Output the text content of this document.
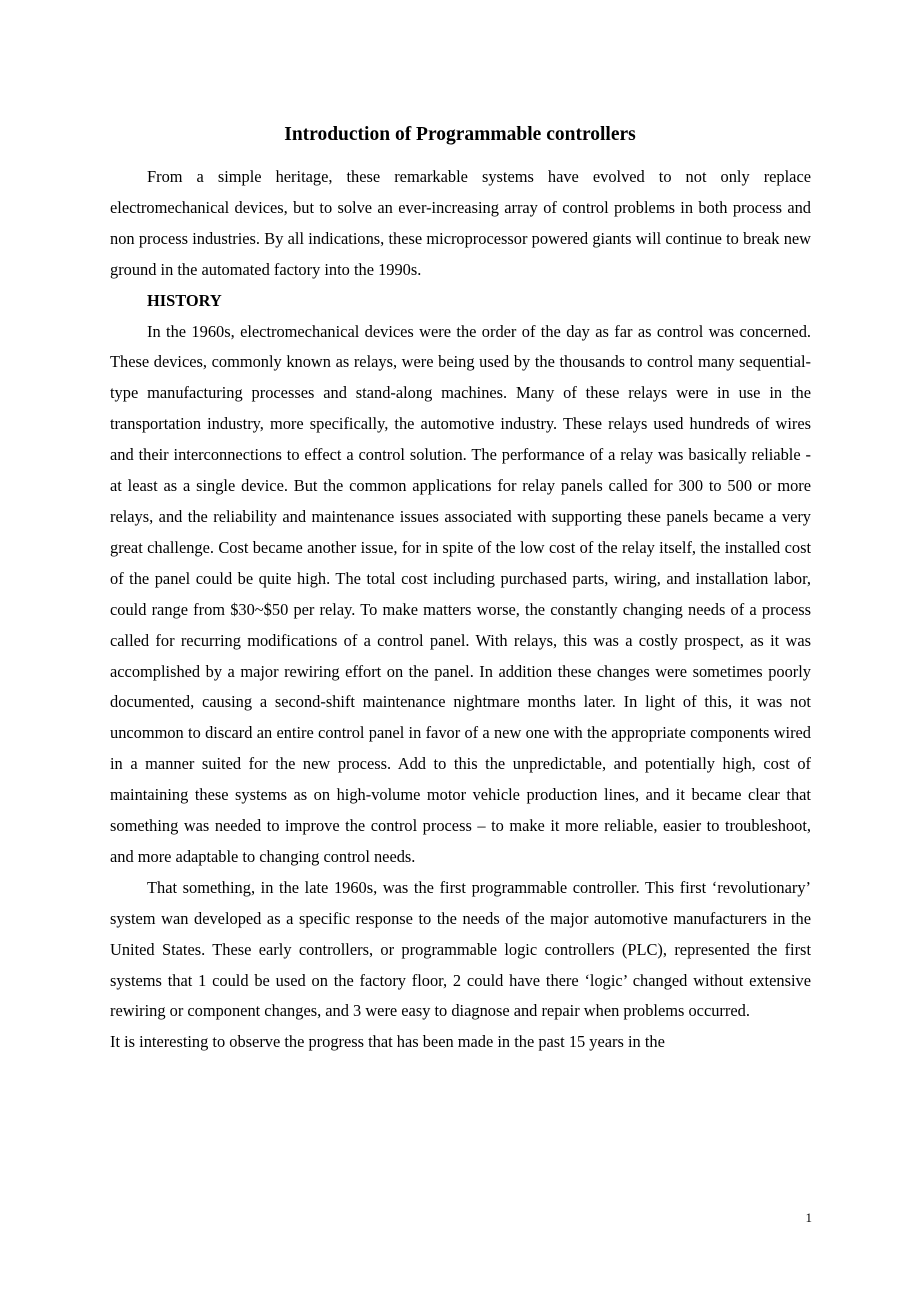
Introduction of Programmable controllers

From a simple heritage, these remarkable systems have evolved to not only replace electromechanical devices, but to solve an ever-increasing array of control problems in both process and non process industries. By all indications, these microprocessor powered giants will continue to break new ground in the automated factory into the 1990s.

HISTORY

In the 1960s, electromechanical devices were the order of the day as far as control was concerned. These devices, commonly known as relays, were being used by the thousands to control many sequential-type manufacturing processes and stand-along machines. Many of these relays were in use in the transportation industry, more specifically, the automotive industry. These relays used hundreds of wires and their interconnections to effect a control solution. The performance of a relay was basically reliable - at least as a single device. But the common applications for relay panels called for 300 to 500 or more relays, and the reliability and maintenance issues associated with supporting these panels became a very great challenge. Cost became another issue, for in spite of the low cost of the relay itself, the installed cost of the panel could be quite high. The total cost including purchased parts, wiring, and installation labor, could range from $30~$50 per relay. To make matters worse, the constantly changing needs of a process called for recurring modifications of a control panel. With relays, this was a costly prospect, as it was accomplished by a major rewiring effort on the panel. In addition these changes were sometimes poorly documented, causing a second-shift maintenance nightmare months later. In light of this, it was not uncommon to discard an entire control panel in favor of a new one with the appropriate components wired in a manner suited for the new process. Add to this the unpredictable, and potentially high, cost of maintaining these systems as on high-volume motor vehicle production lines, and it became clear that something was needed to improve the control process – to make it more reliable, easier to troubleshoot, and more adaptable to changing control needs.

That something, in the late 1960s, was the first programmable controller. This first ‘revolutionary’ system wan developed as a specific response to the needs of the major automotive manufacturers in the United States. These early controllers, or programmable logic controllers (PLC), represented the first systems that 1 could be used on the factory floor, 2 could have there ‘logic’ changed without extensive rewiring or component changes, and 3 were easy to diagnose and repair when problems occurred.

It is interesting to observe the progress that has been made in the past 15 years in the

1
